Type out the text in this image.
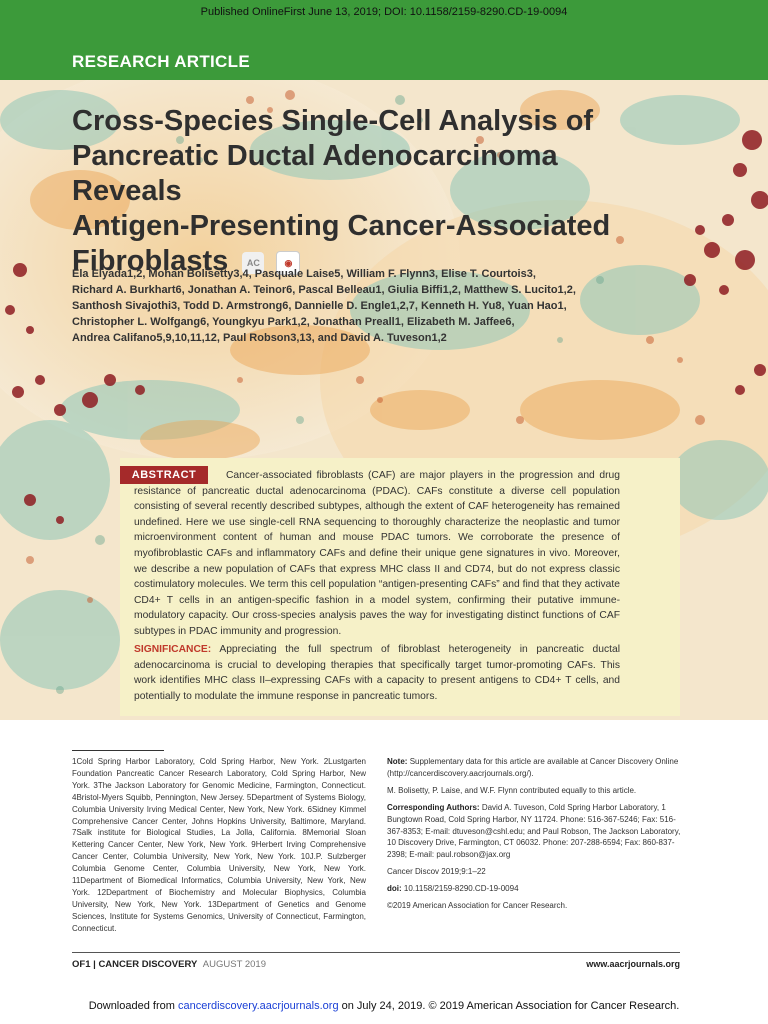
Published OnlineFirst June 13, 2019; DOI: 10.1158/2159-8290.CD-19-0094
RESEARCH ARTICLE
Cross-Species Single-Cell Analysis of
Pancreatic Ductal Adenocarcinoma Reveals
Antigen-Presenting Cancer-Associated
Fibroblasts AC	◉
Ela Elyada1,2, Mohan Bolisetty3,4, Pasquale Laise5, William F. Flynn3, Elise T. Courtois3,
Richard A. Burkhart6, Jonathan A. Teinor6, Pascal Belleau1, Giulia Biffi1,2, Matthew S. Lucito1,2,
Santhosh Sivajothi3, Todd D. Armstrong6, Dannielle D. Engle1,2,7, Kenneth H. Yu8, Yuan Hao1,
Christopher L. Wolfgang6, Youngkyu Park1,2, Jonathan Preall1, Elizabeth M. Jaffee6,
Andrea Califano5,9,10,11,12, Paul Robson3,13, and David A. Tuveson1,2
ABSTRACT	Cancer-associated fibroblasts (CAF) are major players in the progression and drug resistance of pancreatic ductal adenocarcinoma (PDAC). CAFs constitute a diverse cell population consisting of several recently described subtypes, although the extent of CAF heterogeneity has remained undefined. Here we use single-cell RNA sequencing to thoroughly characterize the neoplastic and tumor microenvironment content of human and mouse PDAC tumors. We corroborate the presence of myofibroblastic CAFs and inflammatory CAFs and define their unique gene signatures in vivo. Moreover, we describe a new population of CAFs that express MHC class II and CD74, but do not express classic costimulatory molecules. We term this cell population “antigen-presenting CAFs” and find that they activate CD4+ T cells in an antigen-specific fashion in a model system, confirming their putative immune-modulatory capacity. Our cross-species analysis paves the way for investigating distinct functions of CAF subtypes in PDAC immunity and progression.
SIGNIFICANCE: Appreciating the full spectrum of fibroblast heterogeneity in pancreatic ductal adenocarcinoma is crucial to developing therapies that specifically target tumor-promoting CAFs. This work identifies MHC class II–expressing CAFs with a capacity to present antigens to CD4+ T cells, and potentially to modulate the immune response in pancreatic tumors.
1Cold Spring Harbor Laboratory, Cold Spring Harbor, New York. 2Lustgarten Foundation Pancreatic Cancer Research Laboratory, Cold Spring Harbor, New York. 3The Jackson Laboratory for Genomic Medicine, Farmington, Connecticut. 4Bristol-Myers Squibb, Pennington, New Jersey. 5Department of Systems Biology, Columbia University Irving Medical Center, New York, New York. 6Sidney Kimmel Comprehensive Cancer Center, Johns Hopkins University, Baltimore, Maryland. 7Salk institute for Biological Studies, La Jolla, California. 8Memorial Sloan Kettering Cancer Center, New York, New York. 9Herbert Irving Comprehensive Cancer Center, Columbia University, New York, New York. 10J.P. Sulzberger Columbia Genome Center, Columbia University, New York, New York. 11Department of Biomedical Informatics, Columbia University, New York, New York. 12Department of Biochemistry and Molecular Biophysics, Columbia University, New York, New York. 13Department of Genetics and Genome Sciences, Institute for Systems Genomics, University of Connecticut, Farmington, Connecticut.

Note: Supplementary data for this article are available at Cancer Discovery Online (http://cancerdiscovery.aacrjournals.org/).

M. Bolisetty, P. Laise, and W.F. Flynn contributed equally to this article.

Corresponding Authors: David A. Tuveson, Cold Spring Harbor Laboratory, 1 Bungtown Road, Cold Spring Harbor, NY 11724. Phone: 516-367-5246; Fax: 516-367-8353; E-mail: dtuveson@cshl.edu; and Paul Robson, The Jackson Laboratory, 10 Discovery Drive, Farmington, CT 06032. Phone: 207-288-6594; Fax: 860-837-2398; E-mail: paul.robson@jax.org

Cancer Discov 2019;9:1–22

doi: 10.1158/2159-8290.CD-19-0094

©2019 American Association for Cancer Research.

OF1 | CANCER DISCOVERY AUGUST 2019	www.aacrjournals.org
Downloaded from cancerdiscovery.aacrjournals.org on July 24, 2019. © 2019 American Association for Cancer Research.
